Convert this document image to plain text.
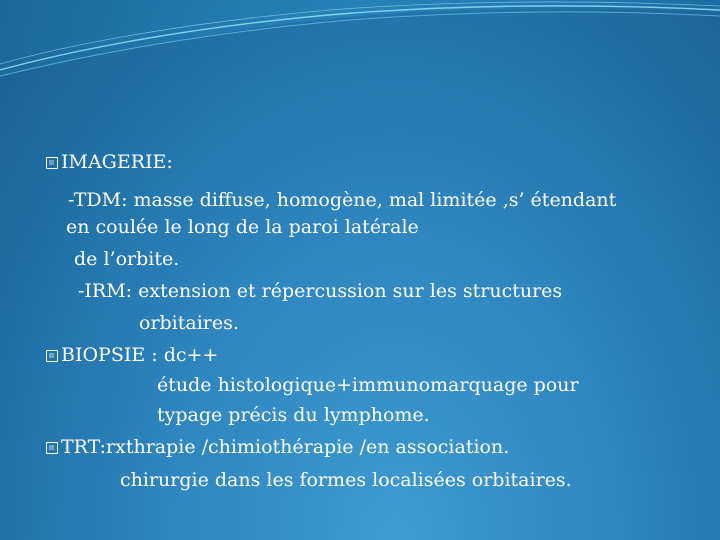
IMAGERIE:
-TDM: masse diffuse, homogène, mal limitée ,s’ étendant
en coulée le long de la paroi latérale
de l’orbite.
-IRM: extension et répercussion sur les structures
orbitaires.
BIOPSIE : dc++
étude histologique+immunomarquage pour
typage précis du lymphome.
TRT:rxthrapie /chimiothérapie /en association.
chirurgie dans les formes localisées orbitaires.
